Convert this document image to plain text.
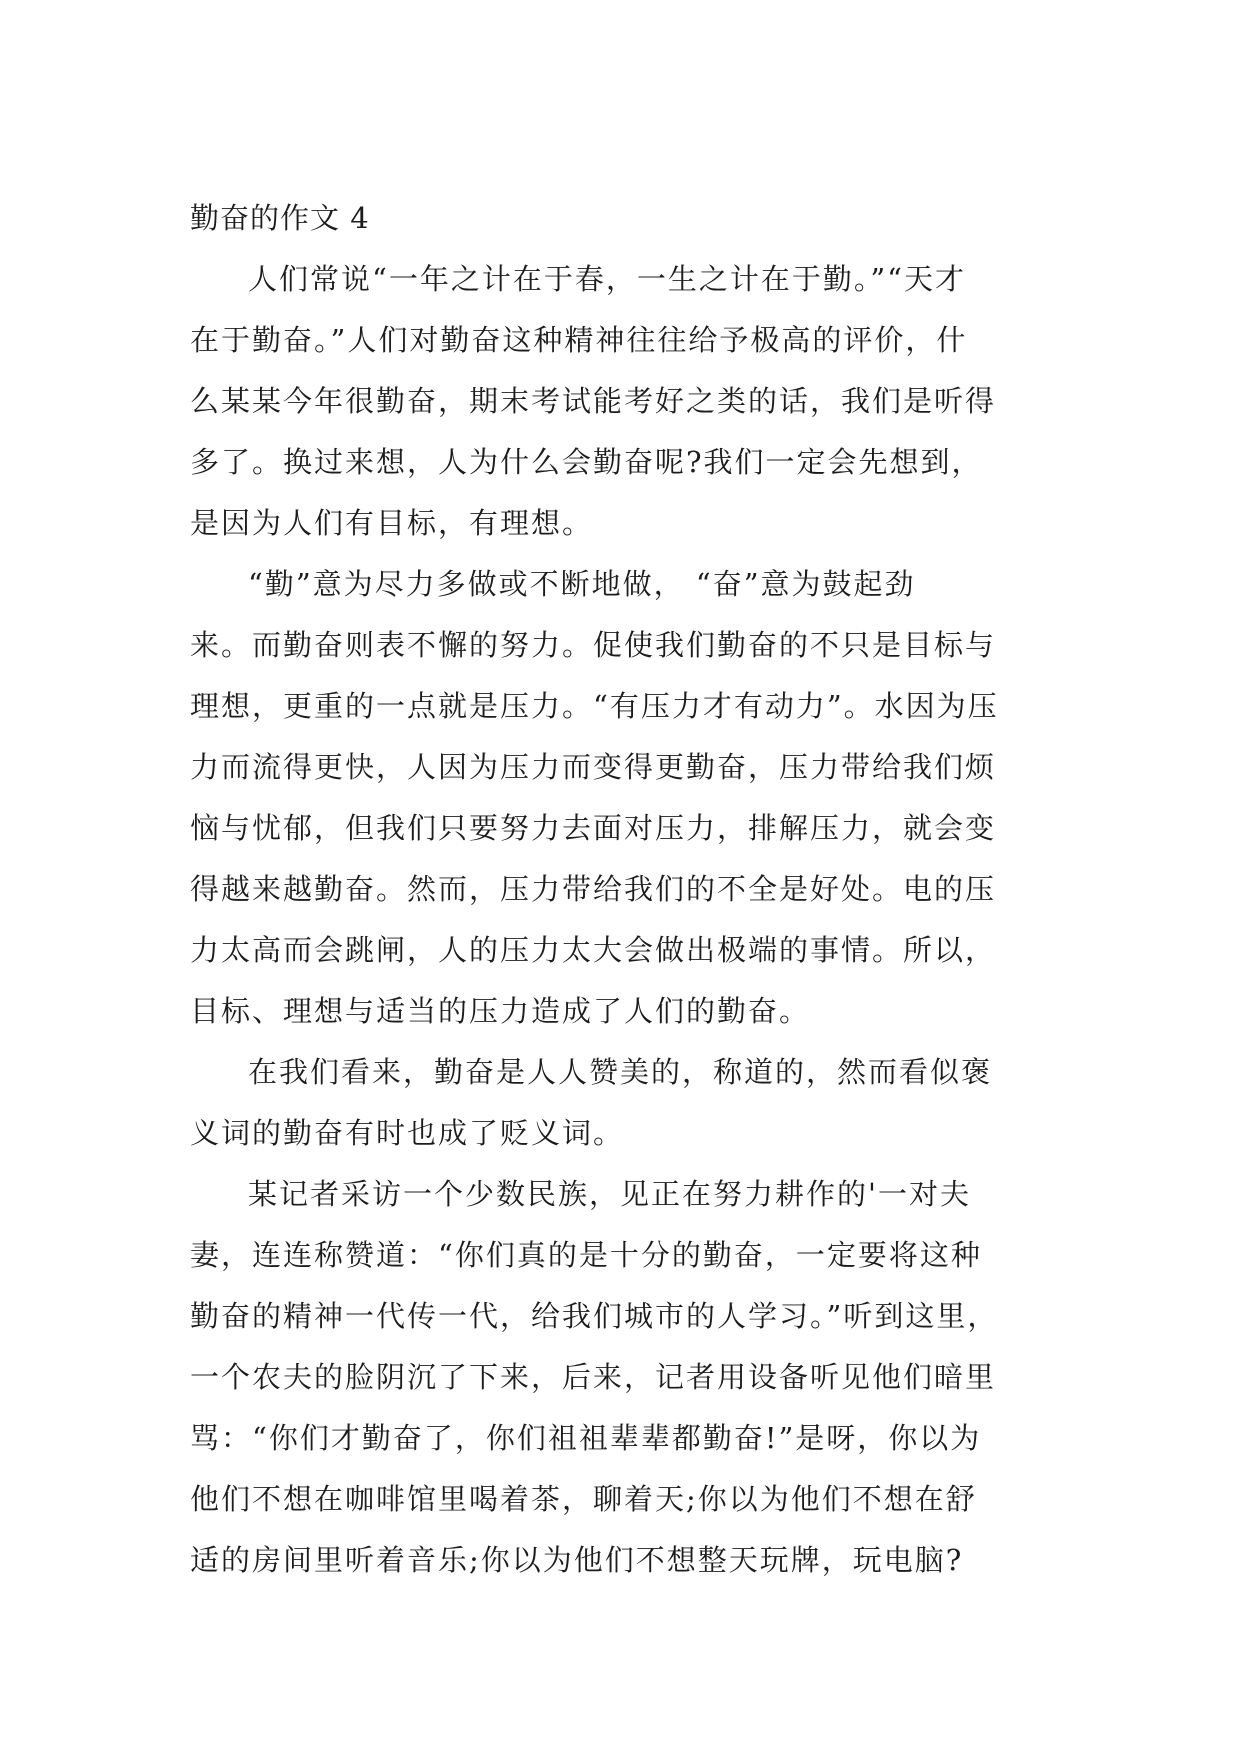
勤奋的作文 4

人们常说“一年之计在于春，一生之计在于勤。”“天才
在于勤奋。”人们对勤奋这种精神往往给予极高的评价，什
么某某今年很勤奋，期末考试能考好之类的话，我们是听得
多了。换过来想，人为什么会勤奋呢?我们一定会先想到，
是因为人们有目标，有理想。

“勤”意为尽力多做或不断地做， “奋”意为鼓起劲
来。而勤奋则表不懈的努力。促使我们勤奋的不只是目标与
理想，更重的一点就是压力。“有压力才有动力”。水因为压
力而流得更快，人因为压力而变得更勤奋，压力带给我们烦
恼与忧郁，但我们只要努力去面对压力，排解压力，就会变
得越来越勤奋。然而，压力带给我们的不全是好处。电的压
力太高而会跳闸，人的压力太大会做出极端的事情。所以，
目标、理想与适当的压力造成了人们的勤奋。

在我们看来，勤奋是人人赞美的，称道的，然而看似褒
义词的勤奋有时也成了贬义词。

某记者采访一个少数民族，见正在努力耕作的'一对夫
妻，连连称赞道：“你们真的是十分的勤奋，一定要将这种
勤奋的精神一代传一代，给我们城市的人学习。”听到这里，
一个农夫的脸阴沉了下来，后来，记者用设备听见他们暗里
骂：“你们才勤奋了，你们祖祖辈辈都勤奋!”是呀，你以为
他们不想在咖啡馆里喝着茶，聊着天;你以为他们不想在舒
适的房间里听着音乐;你以为他们不想整天玩牌，玩电脑?
